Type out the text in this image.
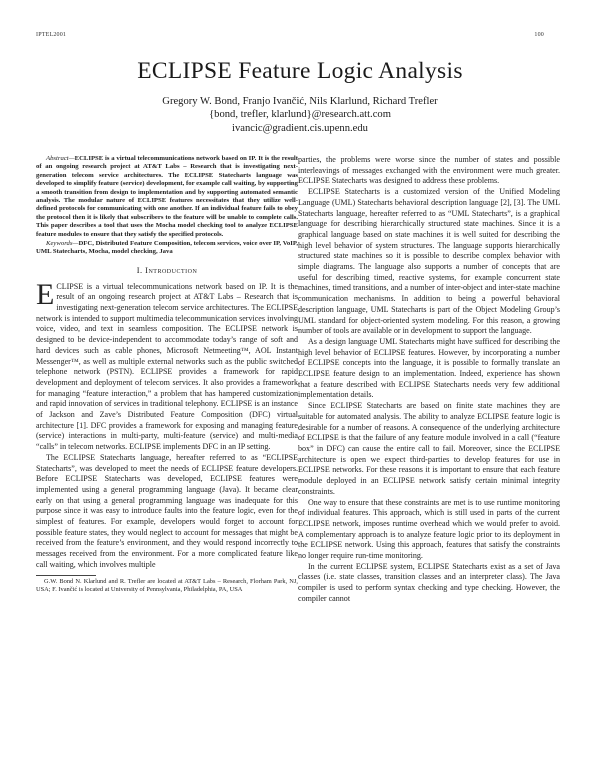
IPTEL2001	100
ECLIPSE Feature Logic Analysis
Gregory W. Bond, Franjo Ivančić, Nils Klarlund, Richard Trefler
{bond, trefler, klarlund}@research.att.com
ivancic@gradient.cis.upenn.edu

Abstract—ECLIPSE is a virtual telecommunications network based on IP. It is the result of an ongoing research project at AT&T Labs – Research that is investigating next-generation telecom service architectures. The ECLIPSE Statecharts language was developed to simplify feature (service) development, for example call waiting, by supporting a smooth transition from design to implementation and by supporting automated semantic analysis. The modular nature of ECLIPSE features necessitates that they utilize well-defined protocols for communicating with one another. If an individual feature fails to obey the protocol then it is likely that subscribers to the feature will be unable to complete calls. This paper describes a tool that uses the Mocha model checking tool to analyze ECLIPSE feature modules to ensure that they satisfy the specified protocols.

Keywords—DFC, Distributed Feature Composition, telecom services, voice over IP, VoIP, UML Statecharts, Mocha, model checking, Java

I. Introduction

ECLIPSE is a virtual telecommunications network based on IP. It is the result of an ongoing research project at AT&T Labs – Research that is investigating next-generation telecom service architectures. The ECLIPSE network is intended to support multimedia telecommunication services involving voice, video, and text in seamless composition. The ECLIPSE network is designed to be device-independent to accommodate today’s range of soft and hard devices such as cable phones, Microsoft Netmeeting™, AOL Instant Messenger™, as well as multiple external networks such as the public switched telephone network (PSTN). ECLIPSE provides a framework for rapid development and deployment of telecom services. It also provides a framework for managing “feature interaction,” a problem that has hampered customization and rapid innovation of services in traditional telephony. ECLIPSE is an instance of Jackson and Zave’s Distributed Feature Composition (DFC) virtual architecture [1]. DFC provides a framework for exposing and managing feature (service) interactions in multi-party, multi-feature (service) and multi-media “calls” in telecom networks. ECLIPSE implements DFC in an IP setting.

The ECLIPSE Statecharts language, hereafter referred to as “ECLIPSE Statecharts”, was developed to meet the needs of ECLIPSE feature developers. Before ECLIPSE Statecharts was developed, ECLIPSE features were implemented using a general programming language (Java). It became clear early on that using a general programming language was inadequate for this purpose since it was easy to introduce faults into the feature logic, even for the simplest of features. For example, developers would forget to account for possible feature states, they would neglect to account for messages that might be received from the feature’s environment, and they would respond incorrectly to messages received from the environment. For a more complicated feature like call waiting, which involves multiple

G.W. Bond N. Klarlund and R. Trefler are located at AT&T Labs – Research, Florham Park, NJ, USA; F. Ivančić is located at University of Pennsylvania, Philadelphia, PA, USA

parties, the problems were worse since the number of states and possible interleavings of messages exchanged with the environment were much greater. ECLIPSE Statecharts was designed to address these problems.

ECLIPSE Statecharts is a customized version of the Unified Modeling Language (UML) Statecharts behavioral description language [2], [3]. The UML Statecharts language, hereafter referred to as “UML Statecharts”, is a graphical language for describing hierarchically structured state machines. Since it is a graphical language based on state machines it is well suited for describing the high level behavior of system structures. The language supports hierarchically structured state machines so it is possible to describe complex behavior with simple diagrams. The language also supports a number of concepts that are useful for describing timed, reactive systems, for example concurrent state machines, timed transitions, and a number of inter-object and inter-state machine communication mechanisms. In addition to being a powerful behavioral description language, UML Statecharts is part of the Object Modeling Group’s UML standard for object-oriented system modeling. For this reason, a growing number of tools are available or in development to support the language.

As a design language UML Statecharts might have sufficed for describing the high level behavior of ECLIPSE features. However, by incorporating a number of ECLIPSE concepts into the language, it is possible to formally translate an ECLIPSE feature design to an implementation. Indeed, experience has shown that a feature described with ECLIPSE Statecharts needs very few additional implementation details.

Since ECLIPSE Statecharts are based on finite state machines they are suitable for automated analysis. The ability to analyze ECLIPSE feature logic is desirable for a number of reasons. A consequence of the underlying architecture of ECLIPSE is that the failure of any feature module involved in a call (“feature box” in DFC) can cause the entire call to fail. Moreover, since the ECLIPSE architecture is open we expect third-parties to develop features for use in ECLIPSE networks. For these reasons it is important to ensure that each feature module deployed in an ECLIPSE network satisfy certain minimal integrity constraints.

One way to ensure that these constraints are met is to use runtime monitoring of individual features. This approach, which is still used in parts of the current ECLIPSE network, imposes runtime overhead which we would prefer to avoid. A complementary approach is to analyze feature logic prior to its deployment in the ECLIPSE network. Using this approach, features that satisfy the constraints no longer require run-time monitoring.

In the current ECLIPSE system, ECLIPSE Statecharts exist as a set of Java classes (i.e. state classes, transition classes and an interpreter class). The Java compiler is used to perform syntax checking and type checking. However, the compiler cannot
